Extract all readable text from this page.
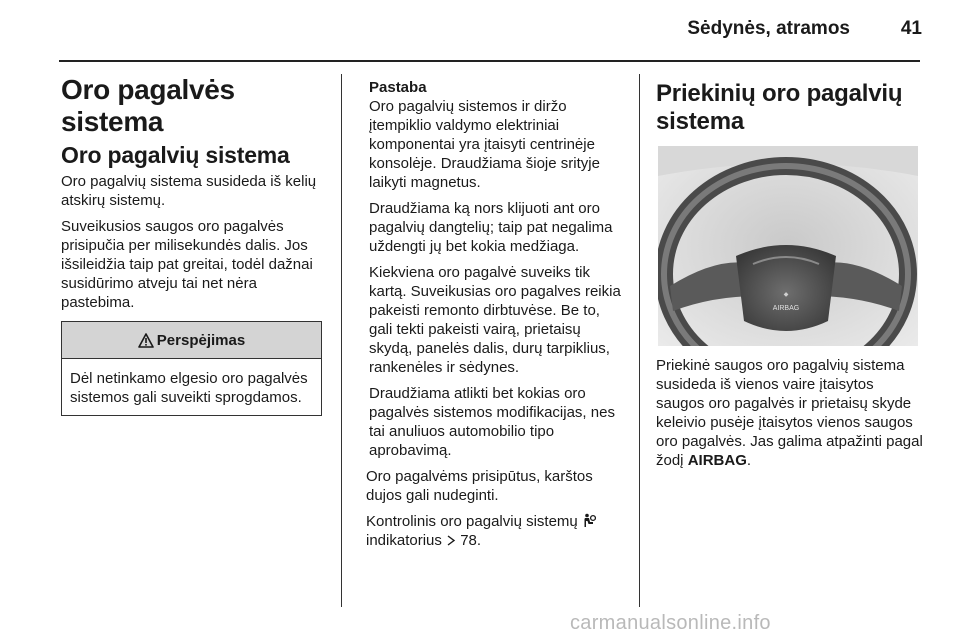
Sėdynės, atramos	41
Oro pagalvės sistema
Oro pagalvių sistema

Oro pagalvių sistema susideda iš kelių atskirų sistemų.

Suveikusios saugos oro pagalvės prisipučia per milisekundės dalis. Jos išsileidžia taip pat greitai, todėl dažnai susidūrimo atveju tai net nėra pastebima.

Perspėjimas

Dėl netinkamo elgesio oro pagalvės sistemos gali suveikti sprogdamos.

Pastaba

Oro pagalvių sistemos ir diržo įtempiklio valdymo elektriniai komponentai yra įtaisyti centrinėje konsolėje. Draudžiama šioje srityje laikyti magnetus.

Draudžiama ką nors klijuoti ant oro pagalvių dangtelių; taip pat negalima uždengti jų bet kokia medžiaga.

Kiekviena oro pagalvė suveiks tik kartą. Suveikusias oro pagalves reikia pakeisti remonto dirbtuvėse. Be to, gali tekti pakeisti vairą, prietaisų skydą, panelės dalis, durų tarpiklius, rankenėles ir sėdynes.

Draudžiama atlikti bet kokias oro pagalvės sistemos modifikacijas, nes tai anuliuos automobilio tipo aprobavimą.

Oro pagalvėms prisipūtus, karštos dujos gali nudeginti.

Kontrolinis oro pagalvių sistemų
indikatorius 78.

Priekinių oro pagalvių sistema
◆
AIRBAG

Priekinė saugos oro pagalvių sistema susideda iš vienos vaire įtaisytos saugos oro pagalvės ir prietaisų skyde keleivio pusėje įtaisytos vienos saugos oro pagalvės. Jas galima atpažinti pagal žodį AIRBAG.

carmanualsonline.info
